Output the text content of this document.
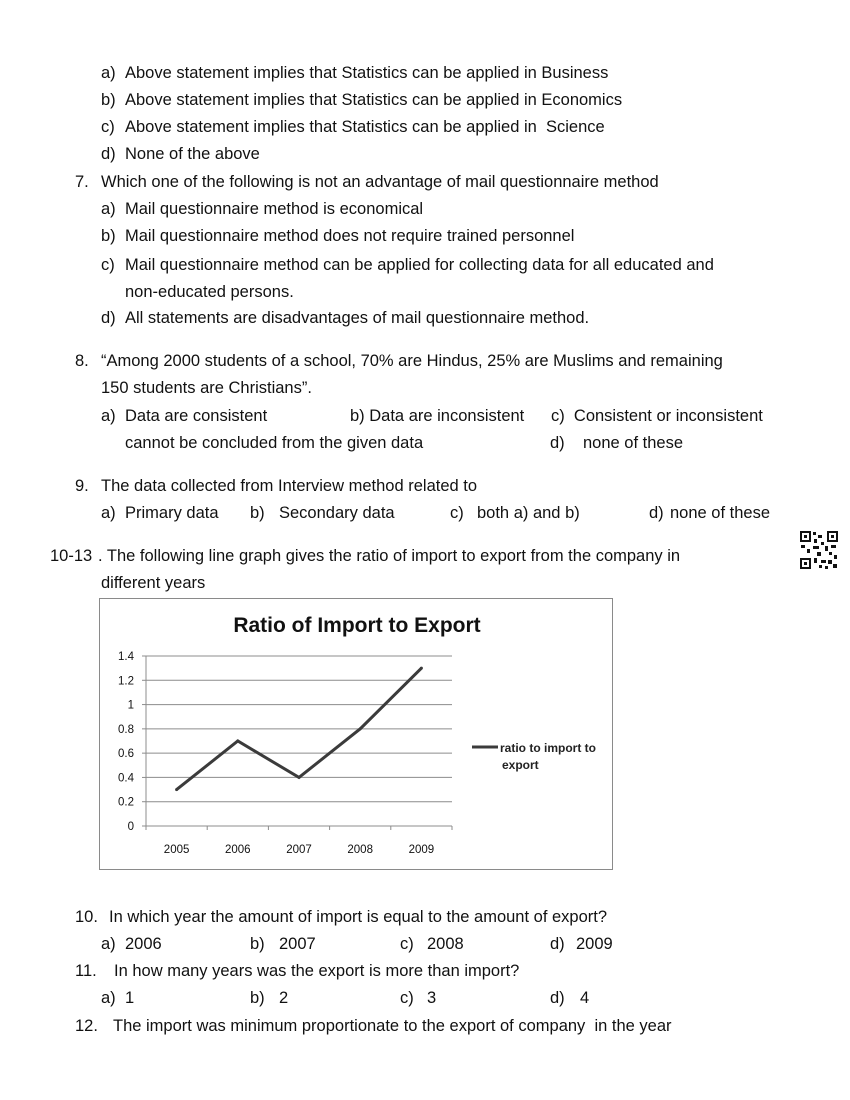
a) Above statement implies that Statistics can be applied in Business
b) Above statement implies that Statistics can be applied in Economics
c) Above statement implies that Statistics can be applied in  Science
d) None of the above
7. Which one of the following is not an advantage of mail questionnaire method
a) Mail questionnaire method is economical
b) Mail questionnaire method does not require trained personnel
c) Mail questionnaire method can be applied for collecting data for all educated and
non-educated persons.
d) All statements are disadvantages of mail questionnaire method.
8. “Among 2000 students of a school, 70% are Hindus, 25% are Muslims and remaining
150 students are Christians”.
a) Data are consistent	b) Data are inconsistent c)  Consistent or inconsistent
cannot be concluded from the given data	d) none of these
9. The data collected from Interview method related to
a) Primary data b) Secondary data	c) both a) and b)	d) none of these
10-13 . The following line graph gives the ratio of import to export from the company in
different years
Ratio of Import to Export
0
0.2
0.4
0.6
0.8
1
1.2
1.4
2005	2006	2007	2008	2009
ratio to import to
export
10. In which year the amount of import is equal to the amount of export?
a) 2006	b) 2007	c) 2008	d) 2009
11. In how many years was the export is more than import?
a) 1	b) 2	c) 3	d) 4
12. The import was minimum proportionate to the export of company  in the year
